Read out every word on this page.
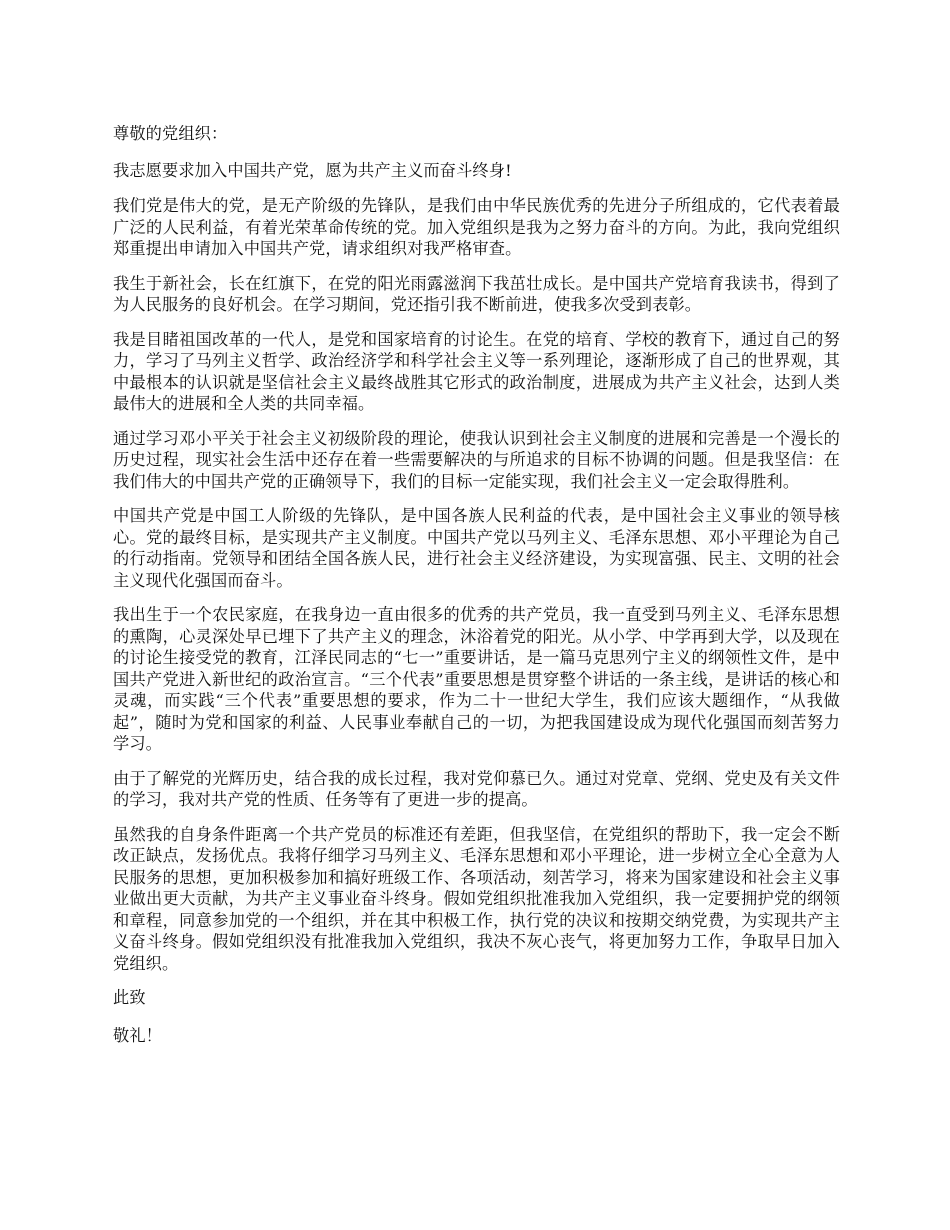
尊敬的党组织：

我志愿要求加入中国共产党，愿为共产主义而奋斗终身!

我们党是伟大的党，是无产阶级的先锋队，是我们由中华民族优秀的先进分子所组成的，它代表着最广泛的人民利益，有着光荣革命传统的党。加入党组织是我为之努力奋斗的方向。为此，我向党组织郑重提出申请加入中国共产党，请求组织对我严格审查。

我生于新社会，长在红旗下，在党的阳光雨露滋润下我茁壮成长。是中国共产党培育我读书，得到了为人民服务的良好机会。在学习期间，党还指引我不断前进，使我多次受到表彰。

我是目睹祖国改革的一代人，是党和国家培育的讨论生。在党的培育、学校的教育下，通过自己的努力，学习了马列主义哲学、政治经济学和科学社会主义等一系列理论，逐渐形成了自己的世界观，其中最根本的认识就是坚信社会主义最终战胜其它形式的政治制度，进展成为共产主义社会，达到人类最伟大的进展和全人类的共同幸福。

通过学习邓小平关于社会主义初级阶段的理论，使我认识到社会主义制度的进展和完善是一个漫长的历史过程，现实社会生活中还存在着一些需要解决的与所追求的目标不协调的问题。但是我坚信：在我们伟大的中国共产党的正确领导下，我们的目标一定能实现，我们社会主义一定会取得胜利。

中国共产党是中国工人阶级的先锋队，是中国各族人民利益的代表，是中国社会主义事业的领导核心。党的最终目标，是实现共产主义制度。中国共产党以马列主义、毛泽东思想、邓小平理论为自己的行动指南。党领导和团结全国各族人民，进行社会主义经济建设，为实现富强、民主、文明的社会主义现代化强国而奋斗。

我出生于一个农民家庭，在我身边一直由很多的优秀的共产党员，我一直受到马列主义、毛泽东思想的熏陶，心灵深处早已埋下了共产主义的理念，沐浴着党的阳光。从小学、中学再到大学，以及现在的讨论生接受党的教育，江泽民同志的“七一”重要讲话，是一篇马克思列宁主义的纲领性文件，是中国共产党进入新世纪的政治宣言。“三个代表”重要思想是贯穿整个讲话的一条主线，是讲话的核心和灵魂，而实践“三个代表”重要思想的要求，作为二十一世纪大学生，我们应该大题细作，“从我做起”，随时为党和国家的利益、人民事业奉献自己的一切，为把我国建设成为现代化强国而刻苦努力学习。

由于了解党的光辉历史，结合我的成长过程，我对党仰慕已久。通过对党章、党纲、党史及有关文件的学习，我对共产党的性质、任务等有了更进一步的提高。

虽然我的自身条件距离一个共产党员的标准还有差距，但我坚信，在党组织的帮助下，我一定会不断改正缺点，发扬优点。我将仔细学习马列主义、毛泽东思想和邓小平理论，进一步树立全心全意为人民服务的思想，更加积极参加和搞好班级工作、各项活动，刻苦学习，将来为国家建设和社会主义事业做出更大贡献，为共产主义事业奋斗终身。假如党组织批准我加入党组织，我一定要拥护党的纲领和章程，同意参加党的一个组织，并在其中积极工作，执行党的决议和按期交纳党费，为实现共产主义奋斗终身。假如党组织没有批准我加入党组织，我决不灰心丧气，将更加努力工作，争取早日加入党组织。

此致

敬礼！
